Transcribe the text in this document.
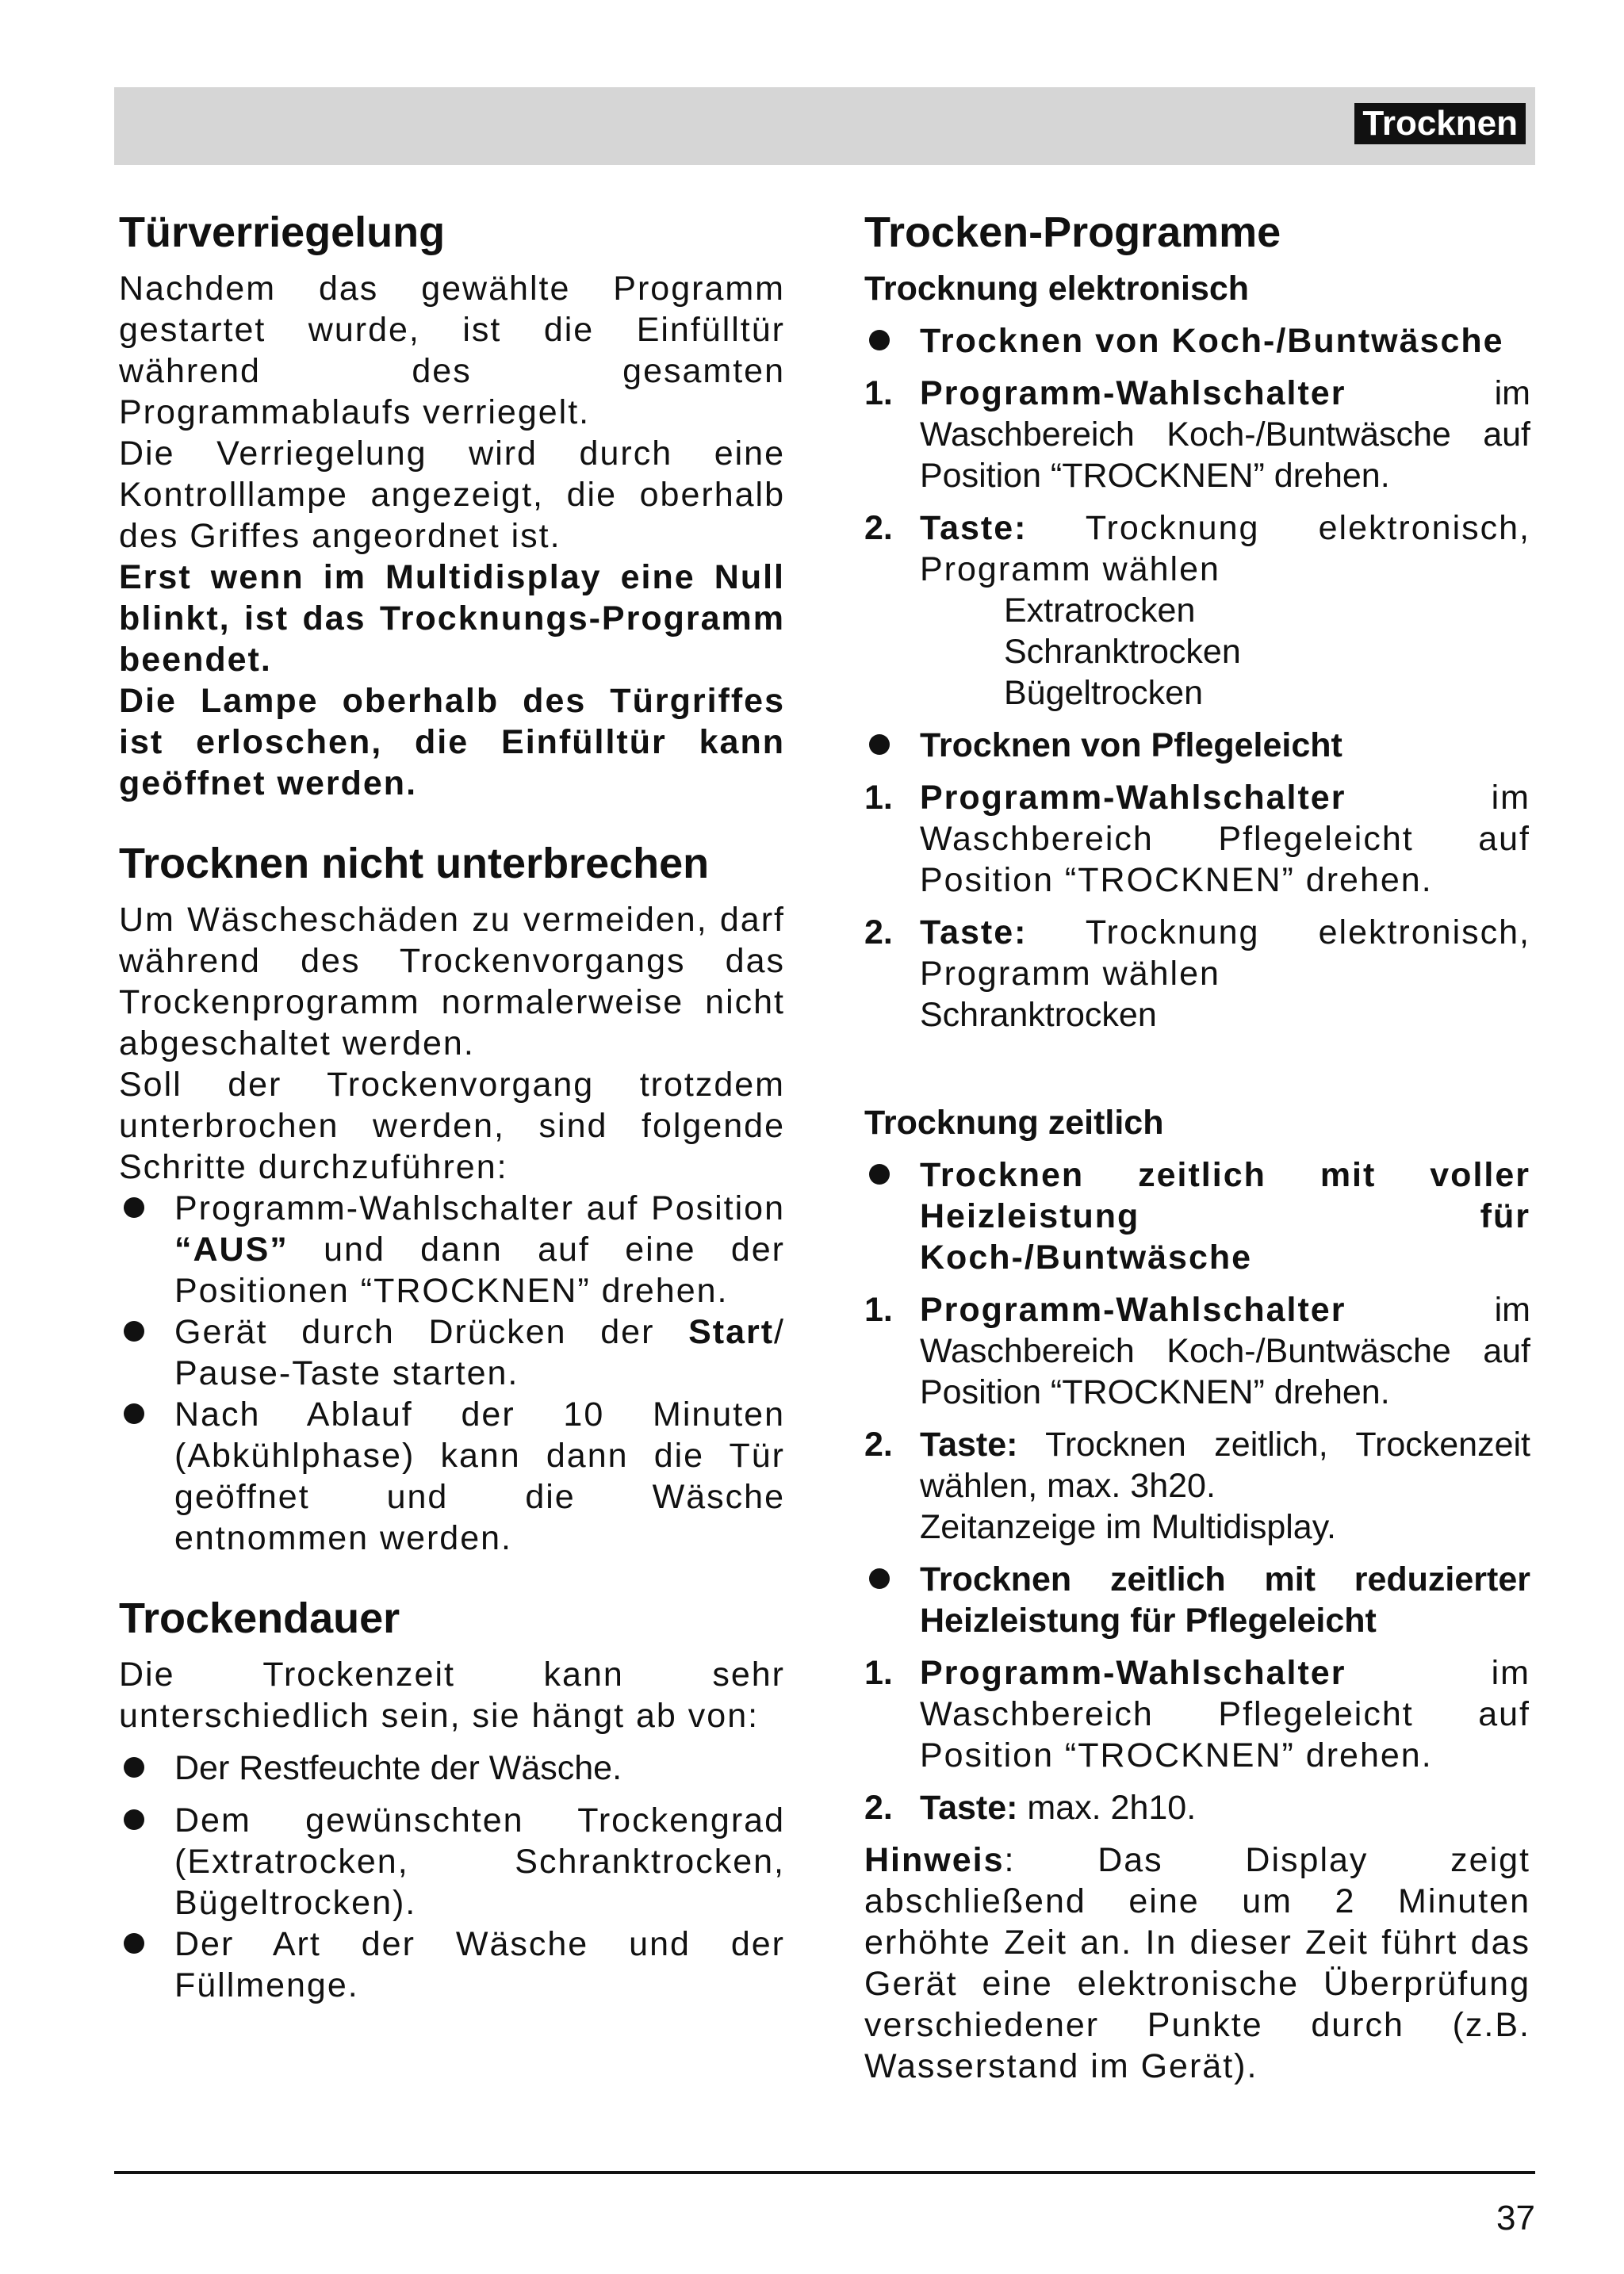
Trocknen
Türverriegelung

Nachdem das gewählte Programm gestartet wurde, ist die Einfülltür während des gesamten Programmablaufs verriegelt.

Die Verriegelung wird durch eine Kontrolllampe angezeigt, die oberhalb des Griffes angeordnet ist.

Erst wenn im Multidisplay eine Null blinkt, ist das Trocknungs-Programm beendet.

Die Lampe oberhalb des Türgriffes ist erloschen, die Einfülltür kann geöffnet werden.

Trocknen nicht unterbrechen

Um Wäscheschäden zu vermeiden, darf während des Trockenvorgangs das Trockenprogramm normalerweise nicht abgeschaltet werden.

Soll der Trockenvorgang trotzdem unterbrochen werden, sind folgende Schritte durchzuführen:

Programm-Wahlschalter auf Position “AUS” und dann auf eine der Positionen “TROCKNEN” drehen.
Gerät durch Drücken der Start/ Pause-Taste starten.
Nach Ablauf der 10 Minuten (Abkühlphase) kann dann die Tür geöffnet und die Wäsche entnommen werden.
Trockendauer

Die Trockenzeit kann sehr unterschiedlich sein, sie hängt ab von:

Der Restfeuchte der Wäsche.
Dem gewünschten Trockengrad (Extratrocken, Schranktrocken, Bügeltrocken).
Der Art der Wäsche und der Füllmenge.
Trocken-Programme
Trocknung elektronisch
Trocknen von Koch-/Buntwäsche
1. Programm-Wahlschalter im Waschbereich Koch-/Buntwäsche auf Position “TROCKNEN” drehen.
2. Taste: Trocknung elektronisch, Programm wählen
Extratrocken
Schranktrocken
Bügeltrocken
Trocknen von Pflegeleicht
1. Programm-Wahlschalter im Waschbereich Pflegeleicht auf Position “TROCKNEN” drehen.
2. Taste: Trocknung elektronisch, Programm wählen
Schranktrocken
Trocknung zeitlich
Trocknen zeitlich mit voller Heizleistung für Koch-/Buntwäsche
1. Programm-Wahlschalter im Waschbereich Koch-/Buntwäsche auf Position “TROCKNEN” drehen.
2. Taste: Trocknen zeitlich, Trockenzeit wählen, max. 3h20.
Zeitanzeige im Multidisplay.
Trocknen zeitlich mit reduzierter Heizleistung für Pflegeleicht
1. Programm-Wahlschalter im Waschbereich Pflegeleicht auf Position “TROCKNEN” drehen.
2. Taste: max. 2h10.

Hinweis: Das Display zeigt abschließend eine um 2 Minuten erhöhte Zeit an. In dieser Zeit führt das Gerät eine elektronische Überprüfung verschiedener Punkte durch (z.B. Wasserstand im Gerät).

37
